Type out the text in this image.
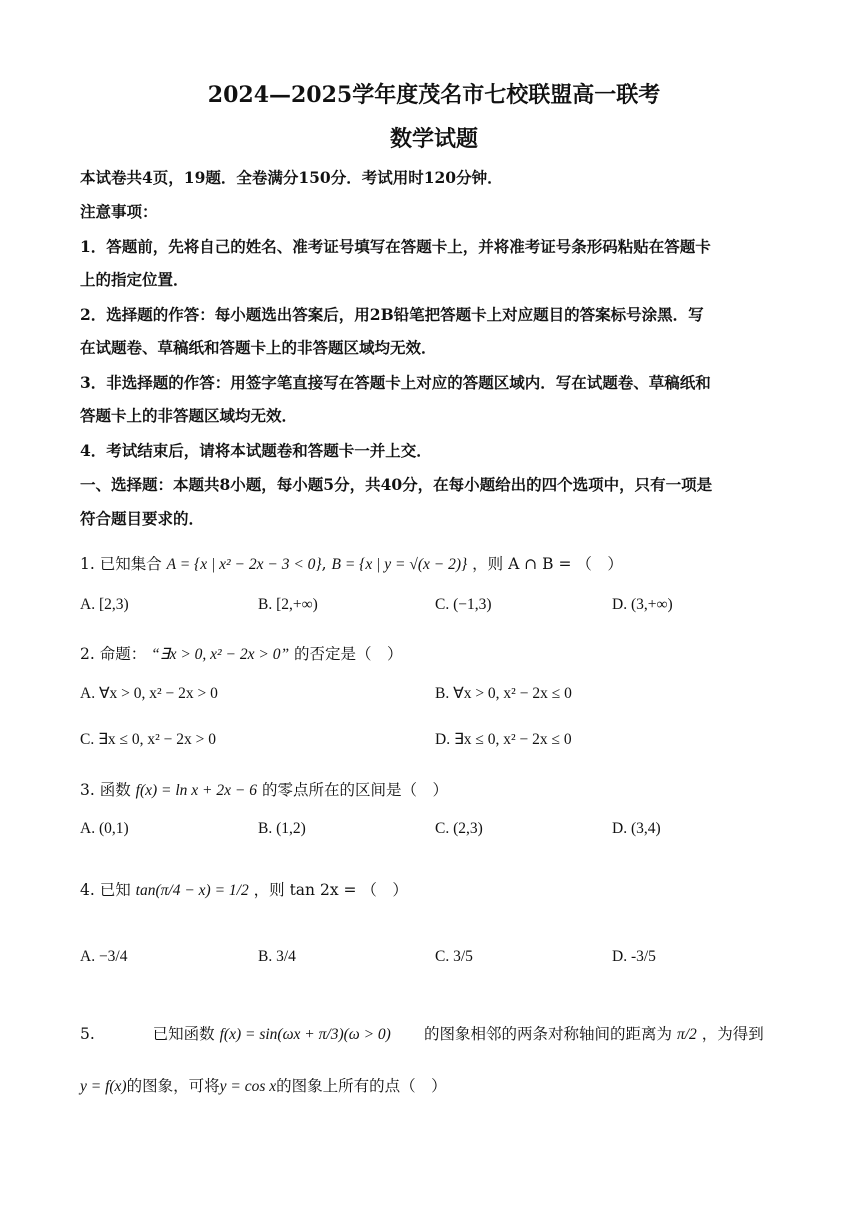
2024—2025学年度茂名市七校联盟高一联考
数学试题
本试卷共4页，19题．全卷满分150分．考试用时120分钟．
注意事项：
1．答题前，先将自己的姓名、准考证号填写在答题卡上，并将准考证号条形码粘贴在答题卡
上的指定位置．
2．选择题的作答：每小题选出答案后，用2B铅笔把答题卡上对应题目的答案标号涂黑．写
在试题卷、草稿纸和答题卡上的非答题区域均无效．
3．非选择题的作答：用签字笔直接写在答题卡上对应的答题区域内．写在试题卷、草稿纸和
答题卡上的非答题区域均无效．
4．考试结束后，请将本试题卷和答题卡一并上交．
一、选择题：本题共8小题，每小题5分，共40分，在每小题给出的四个选项中，只有一项是
符合题目要求的．
1. 已知集合 A = {x | x² − 2x − 3 < 0}, B = {x | y = √(x − 2)} ，则 A ∩ B = （　）
A. [2,3)	B. [2,+∞)	C. (−1,3)	D. (3,+∞)
2. 命题： “∃x > 0, x² − 2x > 0” 的否定是（　）
A. ∀x > 0, x² − 2x > 0	B. ∀x > 0, x² − 2x ≤ 0
C. ∃x ≤ 0, x² − 2x > 0	D. ∃x ≤ 0, x² − 2x ≤ 0
3. 函数 f(x) = ln x + 2x − 6 的零点所在的区间是（　）
A. (0,1)	B. (1,2)	C. (2,3)	D. (3,4)
4. 已知 tan(π/4 − x) = 1/2 ，则 tan 2x = （　）
A. −3/4	B. 3/4	C. 3/5	D. -3/5
5.	已知函数 f(x) = sin(ωx + π/3)(ω > 0) 的图象相邻的两条对称轴间的距离为 π/2 ，为得到
y = f(x)的图象，可将y = cos x的图象上所有的点（　）
